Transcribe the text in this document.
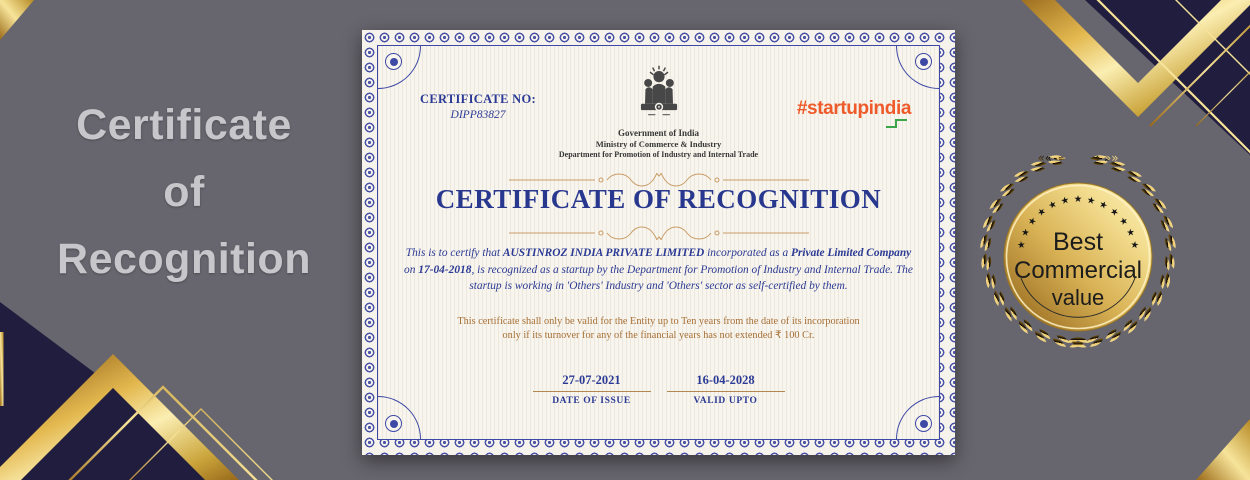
Certificate
of
Recognition
CERTIFICATE NO:
DIPP83827
Government of India
Ministry of Commerce & Industry
Department for Promotion of Industry and Internal Trade
#startupindia
CERTIFICATE OF RECOGNITION
This is to certify that AUSTINROZ INDIA PRIVATE LIMITED incorporated as a Private Limited Company on 17-04-2018, is recognized as a startup by the Department for Promotion of Industry and Internal Trade. The startup is working in 'Others' Industry and 'Others' sector as self-certified by them.
This certificate shall only be valid for the Entity up to Ten years from the date of its incorporation
only if its turnover for any of the financial years has not extended ₹ 100 Cr.
27-07-2021
DATE OF ISSUE
16-04-2028
VALID UPTO
«« ← → »»
★
★
★
★
★ ★ ★ ★ ★
★
★
★
★
Best
Commercial
value
